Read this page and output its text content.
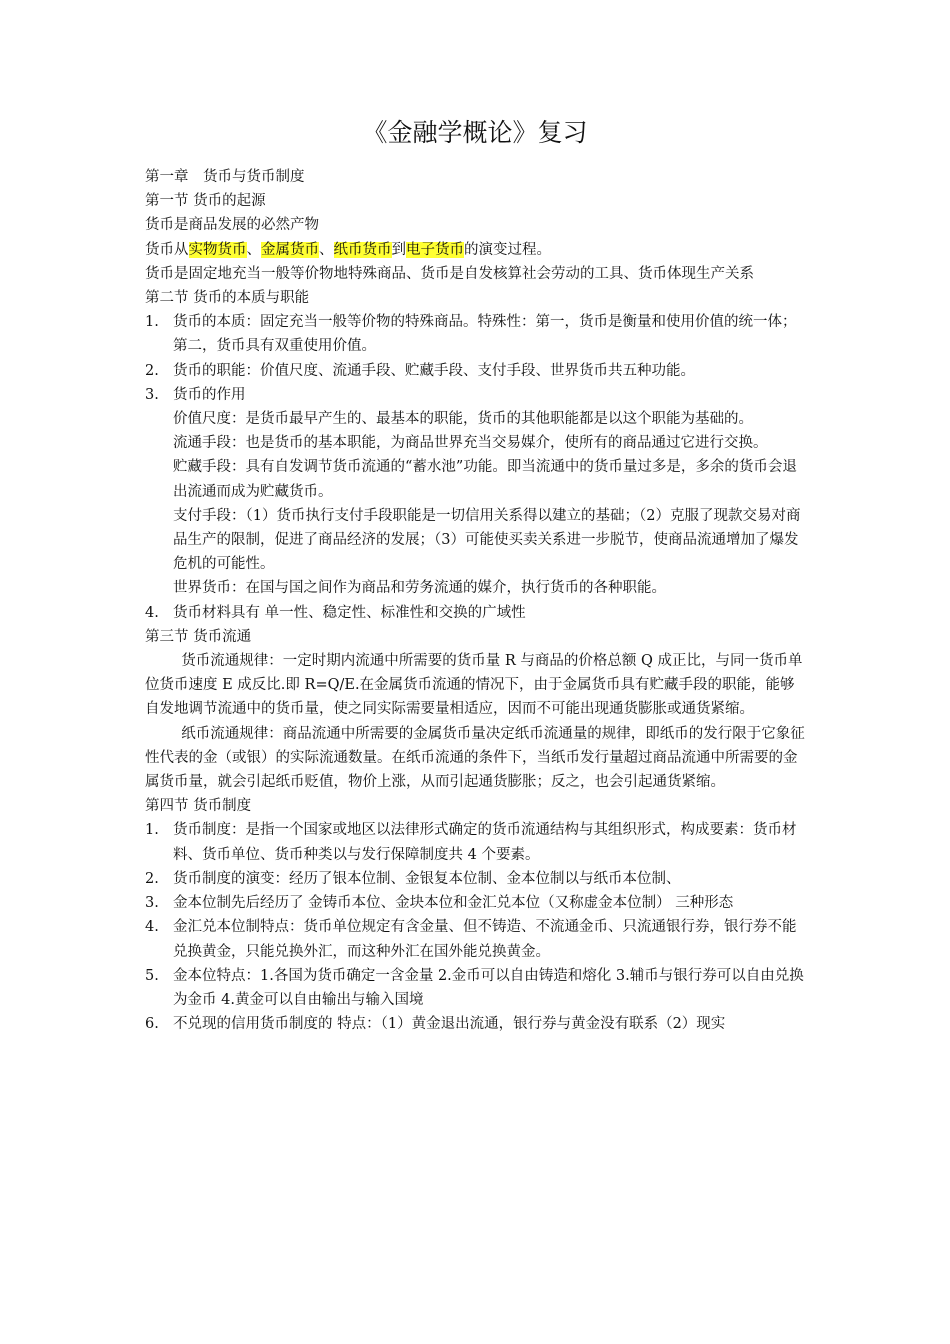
《金融学概论》复习

第一章　货币与货币制度

第一节 货币的起源

货币是商品发展的必然产物

货币从实物货币、金属货币、纸币货币到电子货币的演变过程。

货币是固定地充当一般等价物地特殊商品、货币是自发核算社会劳动的工具、货币体现生产关系

第二节 货币的本质与职能

1. 货币的本质：固定充当一般等价物的特殊商品。特殊性：第一，货币是衡量和使用价值的统一体；第二，货币具有双重使用价值。
2. 货币的职能：价值尺度、流通手段、贮藏手段、支付手段、世界货币共五种功能。
3. 货币的作用

价值尺度：是货币最早产生的、最基本的职能，货币的其他职能都是以这个职能为基础的。

流通手段：也是货币的基本职能，为商品世界充当交易媒介，使所有的商品通过它进行交换。

贮藏手段：具有自发调节货币流通的“蓄水池”功能。即当流通中的货币量过多是，多余的货币会退出流通而成为贮藏货币。

支付手段：（1）货币执行支付手段职能是一切信用关系得以建立的基础；（2）克服了现款交易对商品生产的限制，促进了商品经济的发展；（3）可能使买卖关系进一步脱节，使商品流通增加了爆发危机的可能性。

世界货币：在国与国之间作为商品和劳务流通的媒介，执行货币的各种职能。

4. 货币材料具有 单一性、稳定性、标准性和交换的广域性

第三节 货币流通

货币流通规律：一定时期内流通中所需要的货币量 R 与商品的价格总额 Q 成正比，与同一货币单位货币速度 E 成反比.即 R=Q/E.在金属货币流通的情况下，由于金属货币具有贮藏手段的职能，能够自发地调节流通中的货币量，使之同实际需要量相适应，因而不可能出现通货膨胀或通货紧缩。

纸币流通规律：商品流通中所需要的金属货币量决定纸币流通量的规律，即纸币的发行限于它象征性代表的金（或银）的实际流通数量。在纸币流通的条件下，当纸币发行量超过商品流通中所需要的金属货币量，就会引起纸币贬值，物价上涨，从而引起通货膨胀；反之，也会引起通货紧缩。

第四节 货币制度

1. 货币制度：是指一个国家或地区以法律形式确定的货币流通结构与其组织形式，构成要素：货币材料、货币单位、货币种类以与发行保障制度共 4 个要素。
2. 货币制度的演变：经历了银本位制、金银复本位制、金本位制以与纸币本位制、
3. 金本位制先后经历了 金铸币本位、金块本位和金汇兑本位（又称虚金本位制） 三种形态
4. 金汇兑本位制特点：货币单位规定有含金量、但不铸造、不流通金币、只流通银行券，银行券不能兑换黄金，只能兑换外汇，而这种外汇在国外能兑换黄金。
5. 金本位特点：1.各国为货币确定一含金量 2.金币可以自由铸造和熔化 3.辅币与银行券可以自由兑换为金币 4.黄金可以自由输出与输入国境
6. 不兑现的信用货币制度的 特点：（1）黄金退出流通，银行券与黄金没有联系（2）现实
